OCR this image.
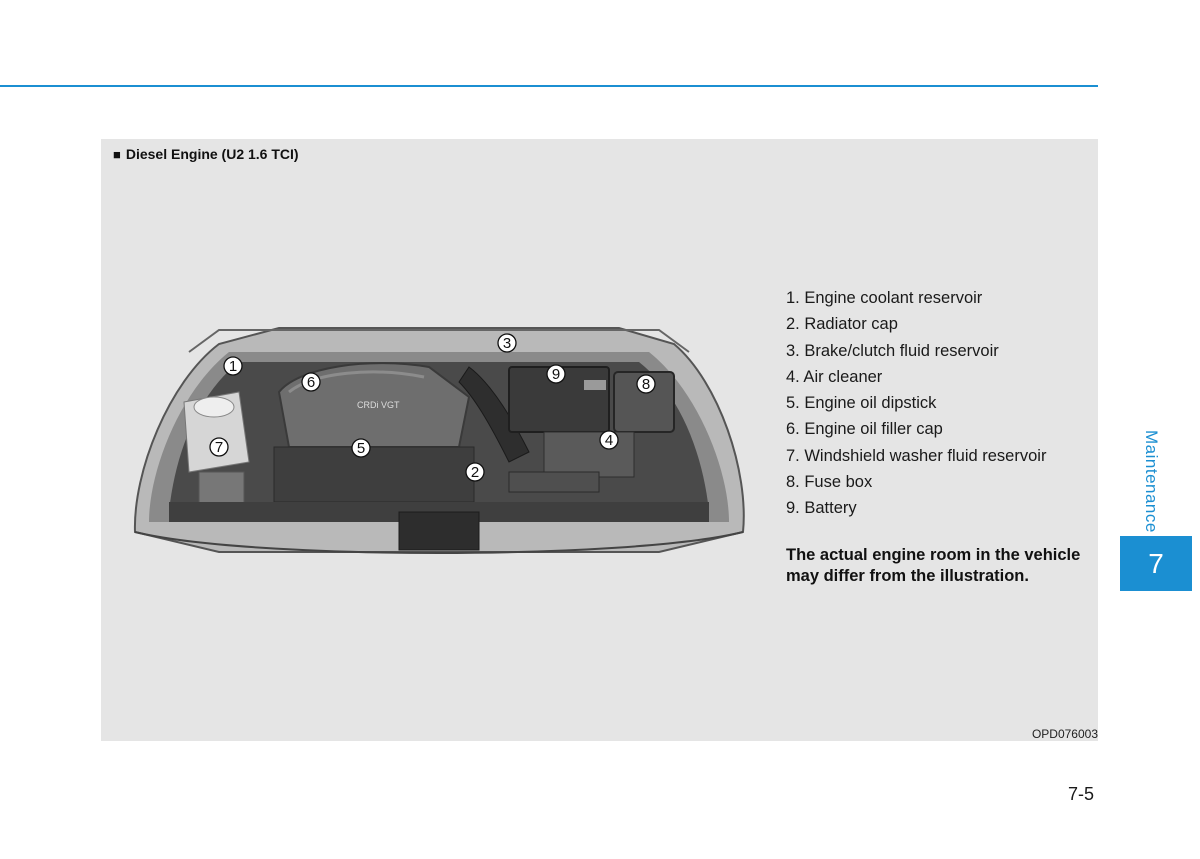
■ Diesel Engine (U2 1.6 TCI)
CRDi VGT
1
2
3
4
5
6
7
8
9
1. Engine coolant reservoir
2. Radiator cap
3. Brake/clutch fluid reservoir
4. Air cleaner
5. Engine oil dipstick
6. Engine oil filler cap
7. Windshield washer fluid reservoir
8. Fuse box
9. Battery
The actual engine room in the vehicle may differ from the illustration.
OPD076003
Maintenance
7
7-5
